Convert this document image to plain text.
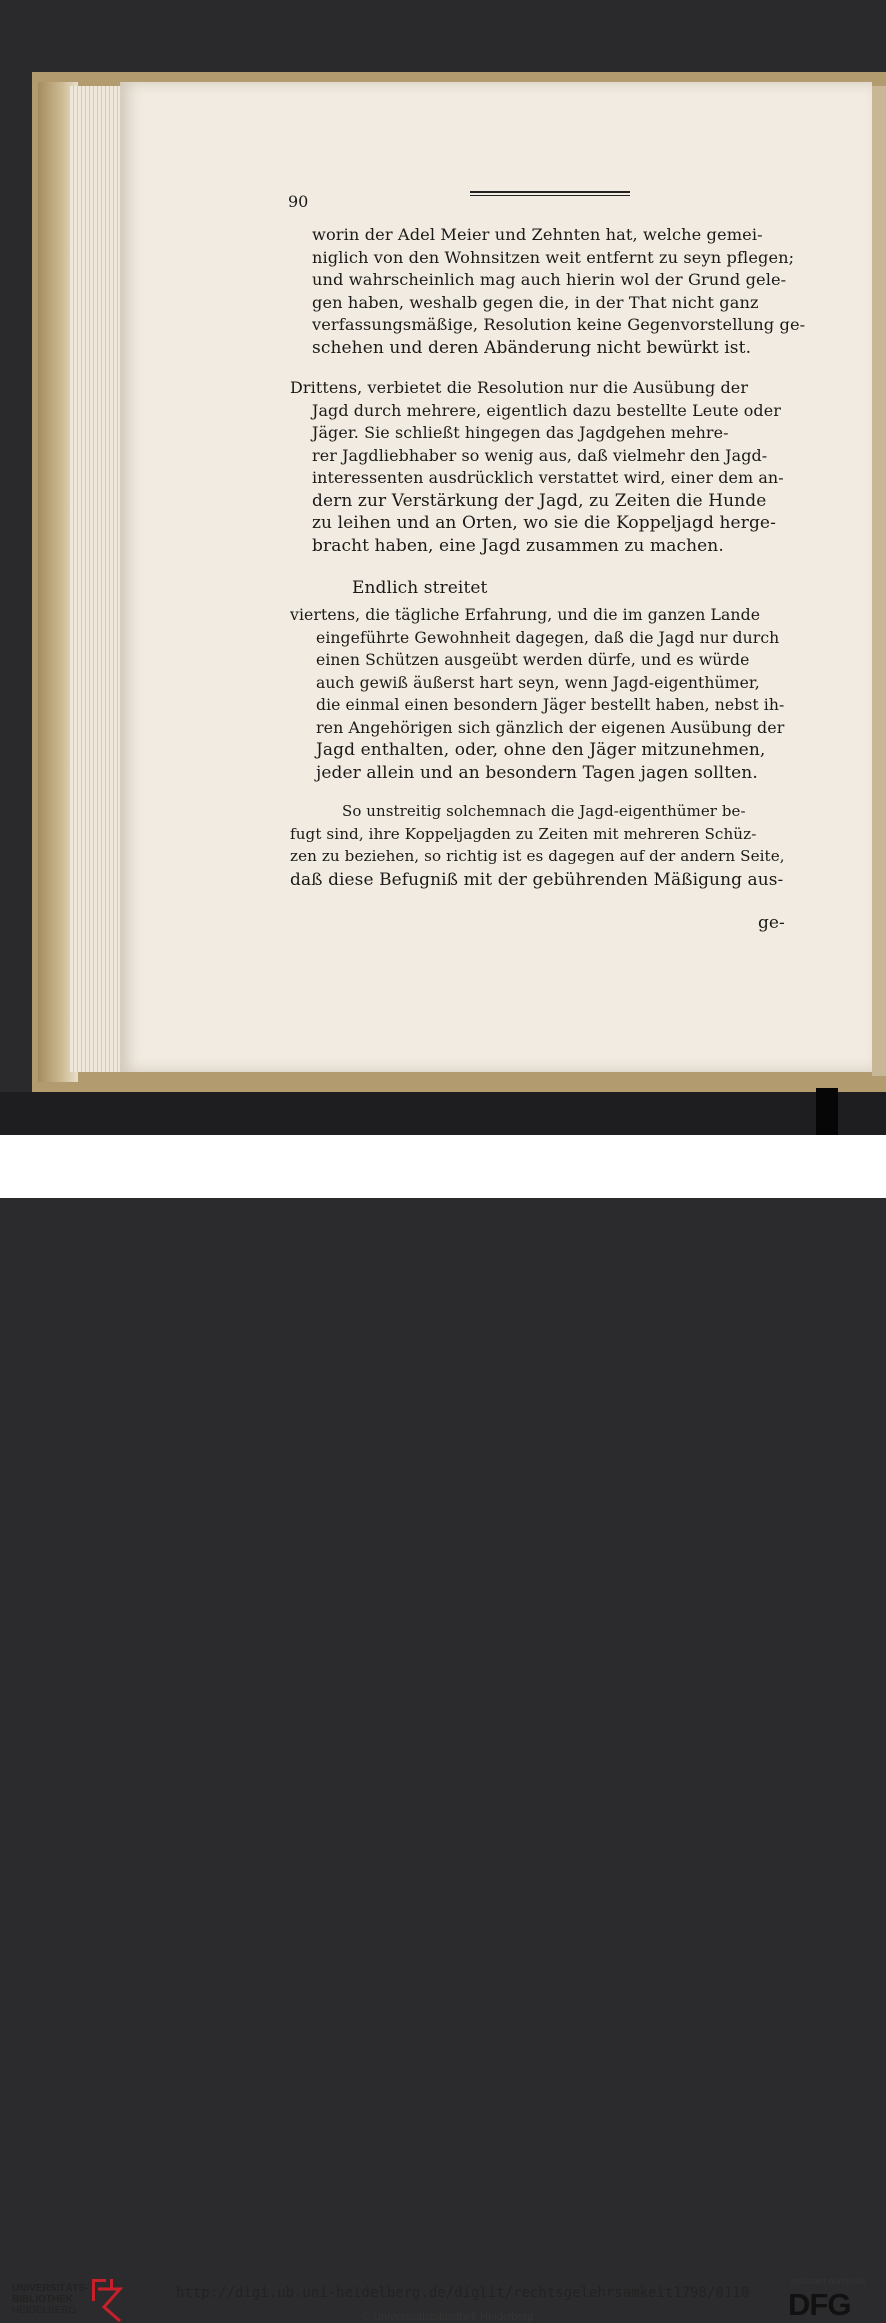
90

worin der Adel Meier und Zehnten hat, welche gemei-

niglich von den Wohnsitzen weit entfernt zu seyn pflegen;

und wahrscheinlich mag auch hierin wol der Grund gele-

gen haben, weshalb gegen die, in der That nicht ganz

verfassungsmäßige, Resolution keine Gegenvorstellung ge-

schehen und deren Abänderung nicht bewürkt ist.

Drittens, verbietet die Resolution nur die Ausübung der

Jagd durch mehrere, eigentlich dazu bestellte Leute oder

Jäger. Sie schließt hingegen das Jagdgehen mehre-

rer Jagdliebhaber so wenig aus, daß vielmehr den Jagd-

interessenten ausdrücklich verstattet wird, einer dem an-

dern zur Verstärkung der Jagd, zu Zeiten die Hunde

zu leihen und an Orten, wo sie die Koppeljagd herge-

bracht haben, eine Jagd zusammen zu machen.

Endlich streitet

viertens, die tägliche Erfahrung, und die im ganzen Lande

eingeführte Gewohnheit dagegen, daß die Jagd nur durch

einen Schützen ausgeübt werden dürfe, und es würde

auch gewiß äußerst hart seyn, wenn Jagd-eigenthümer,

die einmal einen besondern Jäger bestellt haben, nebst ih-

ren Angehörigen sich gänzlich der eigenen Ausübung der

Jagd enthalten, oder, ohne den Jäger mitzunehmen,

jeder allein und an besondern Tagen jagen sollten.

So unstreitig solchemnach die Jagd-eigenthümer be-

fugt sind, ihre Koppeljagden zu Zeiten mit mehreren Schüz-

zen zu beziehen, so richtig ist es dagegen auf der andern Seite,

daß diese Befugniß mit der gebührenden Mäßigung aus-

ge-
UNIVERSITÄTS-
BIBLIOTHEK
HEIDELBERG
http://digi.ub.uni-heidelberg.de/diglit/rechtsgelehrsamkeit1798/0110
© Universitätsbibliothek Heidelberg
gefördert durch die
DFG
